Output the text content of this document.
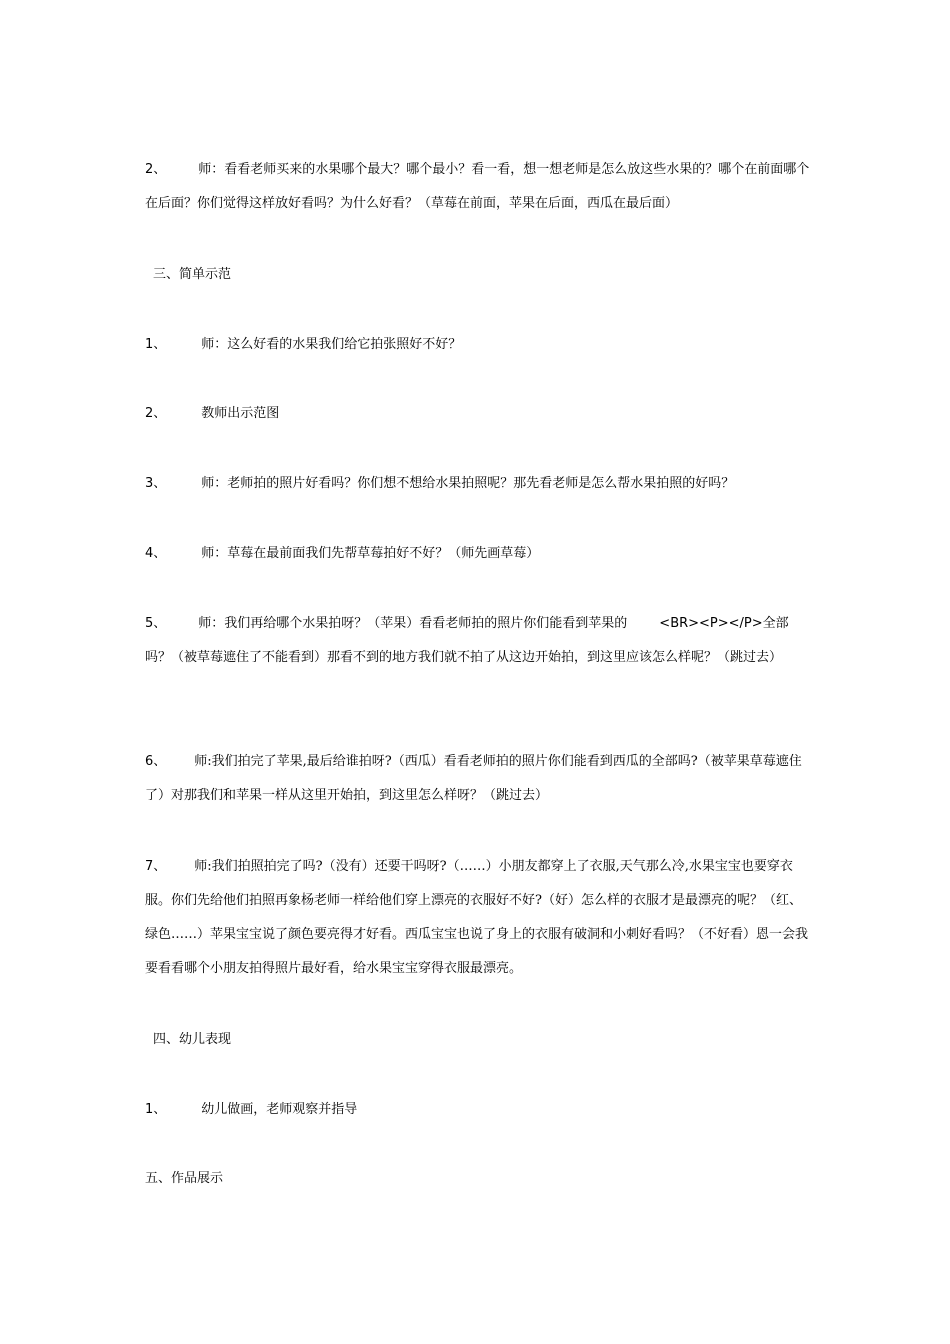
2、 师：看看老师买来的水果哪个最大？哪个最小？看一看，想一想老师是怎么放这些水果的？哪个在前面哪个在后面？你们觉得这样放好看吗？为什么好看？（草莓在前面，苹果在后面，西瓜在最后面）
三、简单示范
1、	师：这么好看的水果我们给它拍张照好不好？
2、	教师出示范图
3、	师：老师拍的照片好看吗？你们想不想给水果拍照呢？那先看老师是怎么帮水果拍照的好吗？
4、	师：草莓在最前面我们先帮草莓拍好不好？（师先画草莓）
5、 师：我们再给哪个水果拍呀？（苹果）看看老师拍的照片你们能看到苹果的 <BR><P></P>全部吗？（被草莓遮住了不能看到）那看不到的地方我们就不拍了从这边开始拍，到这里应该怎么样呢？（跳过去）
6、 师:我们拍完了苹果,最后给谁拍呀?（西瓜）看看老师拍的照片你们能看到西瓜的全部吗?（被苹果草莓遮住了）对那我们和苹果一样从这里开始拍，到这里怎么样呀？（跳过去）
7、 师:我们拍照拍完了吗?（没有）还要干吗呀?（……）小朋友都穿上了衣服,天气那么冷,水果宝宝也要穿衣服。你们先给他们拍照再象杨老师一样给他们穿上漂亮的衣服好不好?（好）怎么样的衣服才是最漂亮的呢？（红、绿色……）苹果宝宝说了颜色要亮得才好看。西瓜宝宝也说了身上的衣服有破洞和小刺好看吗？（不好看）恩一会我要看看哪个小朋友拍得照片最好看，给水果宝宝穿得衣服最漂亮。
四、幼儿表现
1、	幼儿做画，老师观察并指导
五、作品展示
